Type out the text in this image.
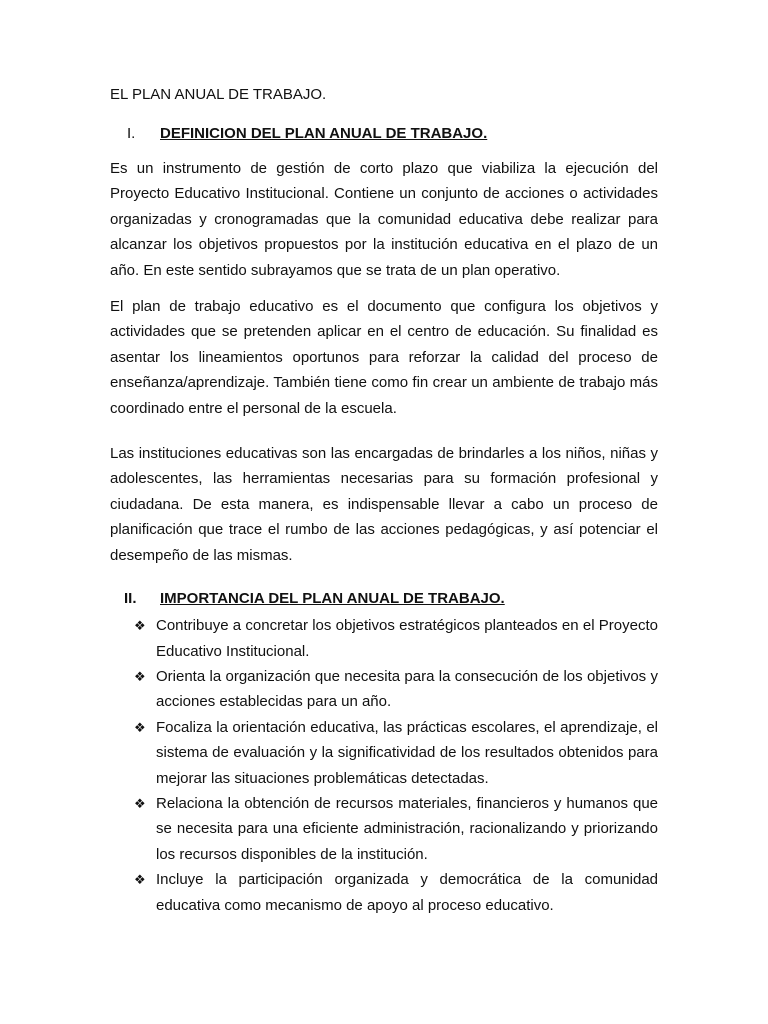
EL PLAN ANUAL DE TRABAJO.

I.	DEFINICION DEL PLAN ANUAL DE TRABAJO.

Es un instrumento de gestión de corto plazo que viabiliza la ejecución del Proyecto Educativo Institucional. Contiene un conjunto de acciones o actividades organizadas y cronogramadas que la comunidad educativa debe realizar para alcanzar los objetivos propuestos por la institución educativa en el plazo de un año. En este sentido subrayamos que se trata de un plan operativo.

El plan de trabajo educativo es el documento que configura los objetivos y actividades que se pretenden aplicar en el centro de educación. Su finalidad es asentar los lineamientos oportunos para reforzar la calidad del proceso de enseñanza/aprendizaje. También tiene como fin crear un ambiente de trabajo más coordinado entre el personal de la escuela.

Las instituciones educativas son las encargadas de brindarles a los niños, niñas y adolescentes, las herramientas necesarias para su formación profesional y ciudadana. De esta manera, es indispensable llevar a cabo un proceso de planificación que trace el rumbo de las acciones pedagógicas, y así potenciar el desempeño de las mismas.

II.	IMPORTANCIA DEL PLAN ANUAL DE TRABAJO.
❖ Contribuye a concretar los objetivos estratégicos planteados en el Proyecto Educativo Institucional.
❖ Orienta la organización que necesita para la consecución de los objetivos y acciones establecidas para un año.
❖ Focaliza la orientación educativa, las prácticas escolares, el aprendizaje, el sistema de evaluación y la significatividad de los resultados obtenidos para mejorar las situaciones problemáticas detectadas.
❖ Relaciona la obtención de recursos materiales, financieros y humanos que se necesita para una eficiente administración, racionalizando y priorizando los recursos disponibles de la institución.
❖ Incluye la participación organizada y democrática de la comunidad educativa como mecanismo de apoyo al proceso educativo.
